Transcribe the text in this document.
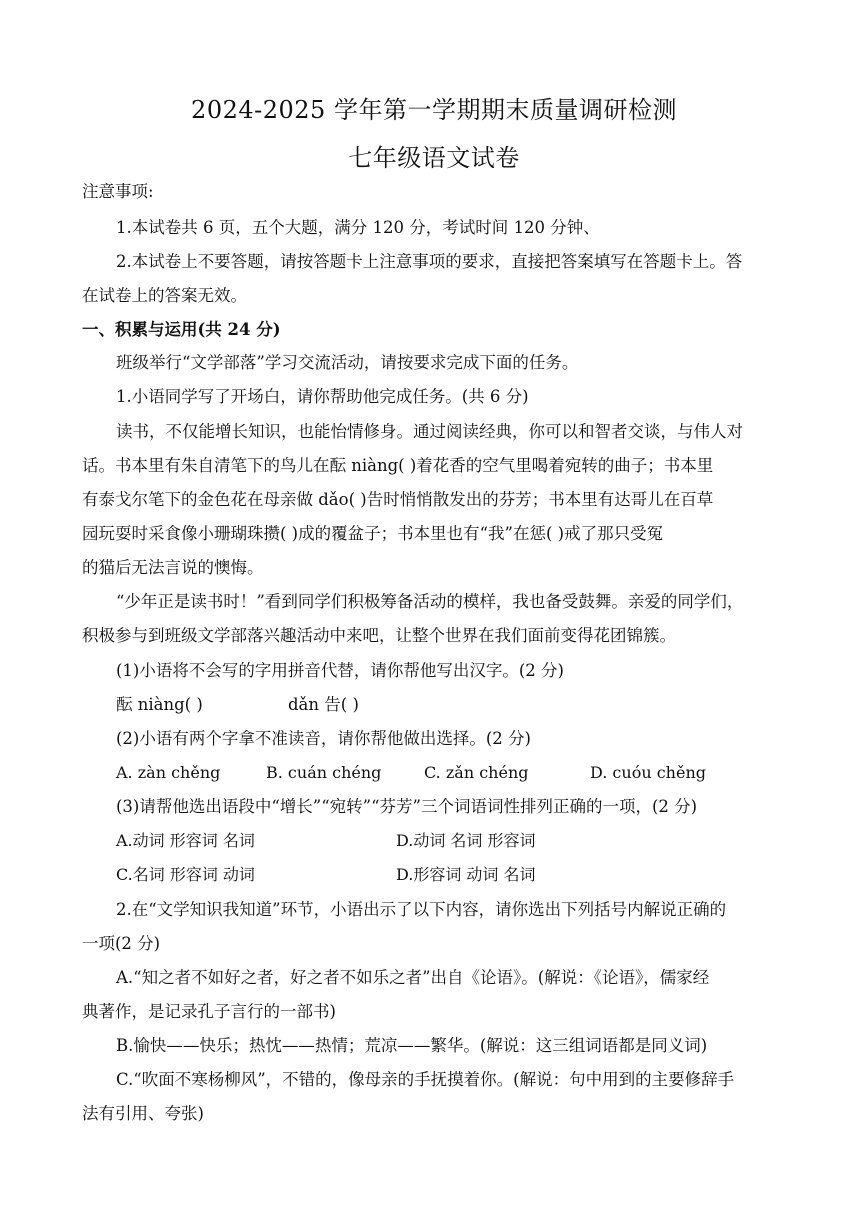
2024-2025 学年第一学期期末质量调研检测
七年级语文试卷
注意事项:
1.本试卷共 6 页，五个大题，满分 120 分，考试时间 120 分钟、
2.本试卷上不要答题，请按答题卡上注意事项的要求，直接把答案填写在答题卡上。答
在试卷上的答案无效。
一、积累与运用(共 24 分)
班级举行“文学部落”学习交流活动，请按要求完成下面的任务。
1.小语同学写了开场白，请你帮助他完成任务。(共 6 分)
读书，不仅能增长知识，也能怡情修身。通过阅读经典，你可以和智者交谈，与伟人对
话。书本里有朱自清笔下的鸟儿在酝 niàng( )着花香的空气里喝着宛转的曲子；书本里
有泰戈尔笔下的金色花在母亲做 dǎo( )告时悄悄散发出的芬芳；书本里有达哥儿在百草
园玩耍时采食像小珊瑚珠攒( )成的覆盆子；书本里也有“我”在惩( )戒了那只受冤
的猫后无法言说的懊悔。
“少年正是读书时！”看到同学们积极筹备活动的模样，我也备受鼓舞。亲爱的同学们，
积极参与到班级文学部落兴趣活动中来吧，让整个世界在我们面前变得花团锦簇。
(1)小语将不会写的字用拼音代替，请你帮他写出汉字。(2 分)
酝 niàng( )	dǎn 告( )
(2)小语有两个字拿不准读音，请你帮他做出选择。(2 分)
A. zàn chěng	B. cuán chéng	C. zǎn chéng	D. cuóu chěng
(3)请帮他选出语段中“增长”“宛转”“芬芳”三个词语词性排列正确的一项，(2 分)
A.动词 形容词 名词	D.动词 名词 形容词
C.名词 形容词 动词	D.形容词 动词 名词
2.在“文学知识我知道”环节，小语出示了以下内容，请你选出下列括号内解说正确的
一项(2 分)
A.“知之者不如好之者，好之者不如乐之者”出自《论语》。(解说：《论语》，儒家经
典著作，是记录孔子言行的一部书)
B.愉快——快乐；热忱——热情；荒凉——繁华。(解说：这三组词语都是同义词)
C.“吹面不寒杨柳风”，不错的，像母亲的手抚摸着你。(解说：句中用到的主要修辞手
法有引用、夸张)
